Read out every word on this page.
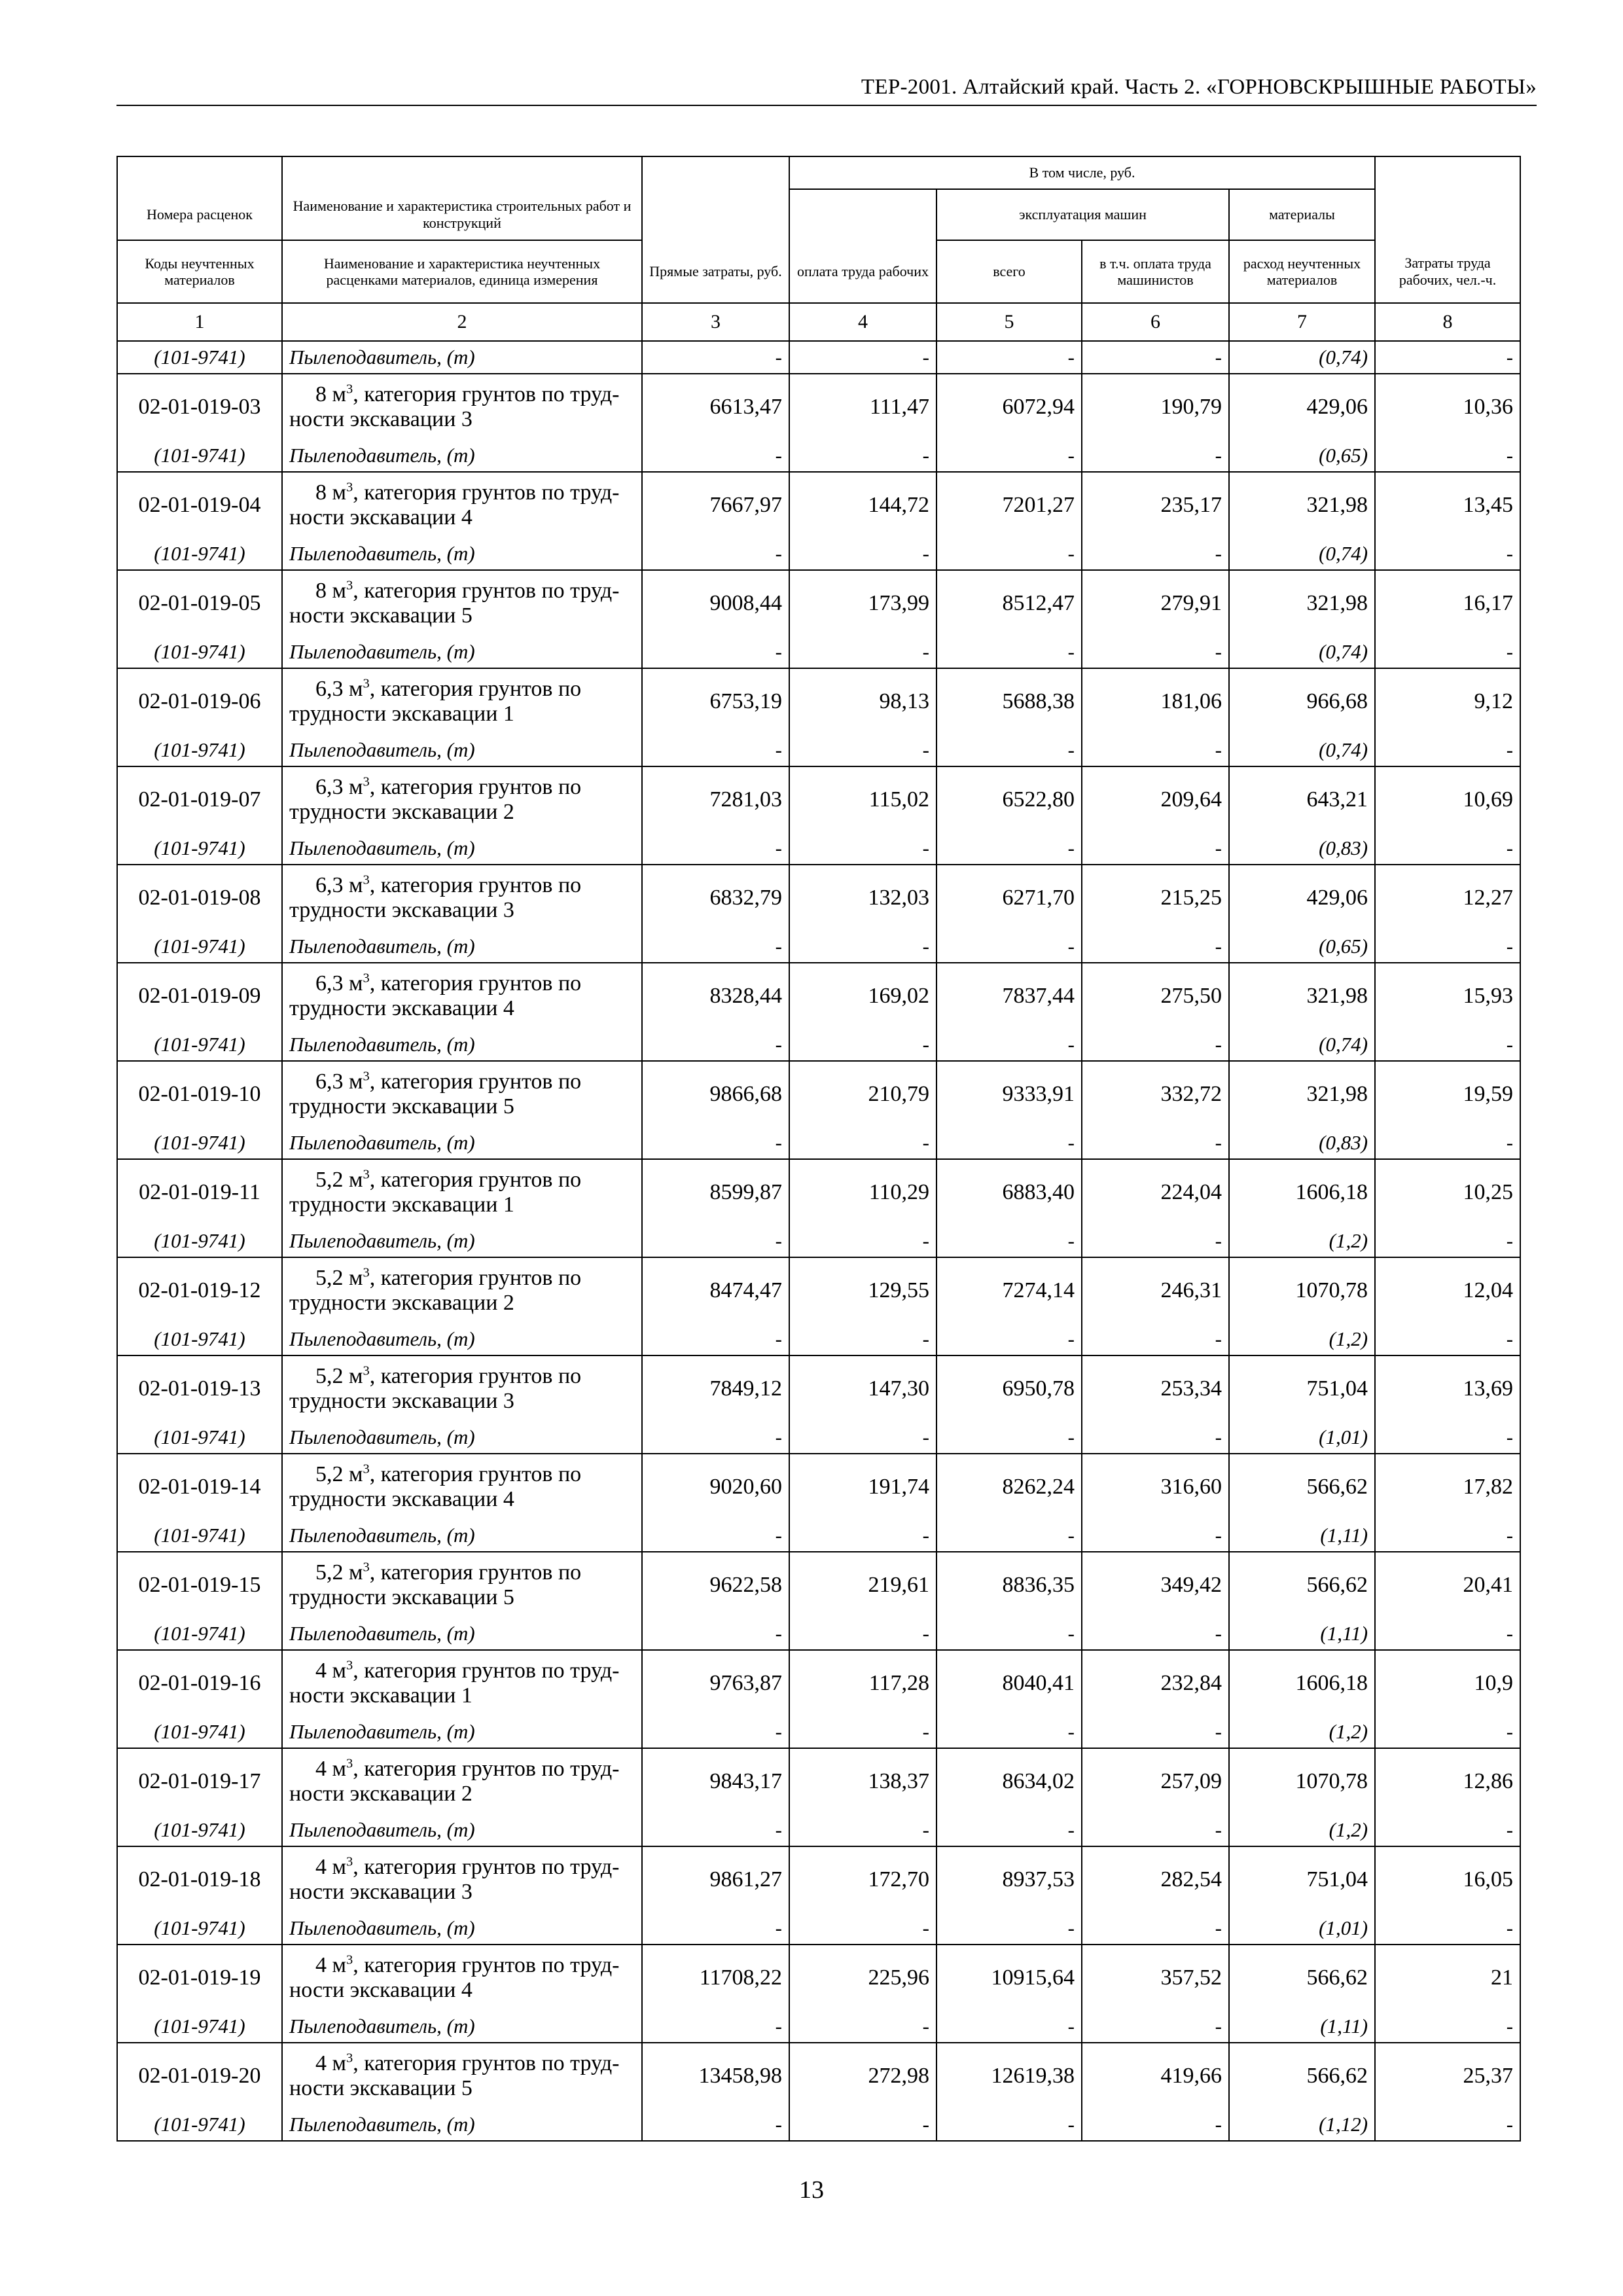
ТЕР-2001. Алтайский край. Часть 2. «ГОРНОВСКРЫШНЫЕ РАБОТЫ»
			В том числе, руб.				
Номера расценок	Наименование и характеристика строительных работ и конструкций			эксплуатация машин		материалы	
Коды неучтенных материалов	Наименование и характеристика неучтенных расценками материалов, единица измерения	Прямые затраты, руб.	оплата труда рабочих	всего	в т.ч. оплата труда машинистов	расход неучтенных материалов	Затраты труда рабочих, чел.-ч.
1	2	3	4	5	6	7	8
(101-9741)	Пылеподавитель, (т)	-	-	-	-	(0,74)	-
02-01-019-03	8 $м^3$, категория грунтов по труд-
ности экскавации 3	6613,47	111,47	6072,94	190,79	429,06	10,36
(101-9741)	Пылеподавитель, (т)	-	-	-	-	(0,65)	-
02-01-019-04	8 $м^3$, категория грунтов по труд-
ности экскавации 4	7667,97	144,72	7201,27	235,17	321,98	13,45
(101-9741)	Пылеподавитель, (т)	-	-	-	-	(0,74)	-
02-01-019-05	8 $м^3$, категория грунтов по труд-
ности экскавации 5	9008,44	173,99	8512,47	279,91	321,98	16,17
(101-9741)	Пылеподавитель, (т)	-	-	-	-	(0,74)	-
02-01-019-06	6,3 $м^3$, категория грунтов по
трудности экскавации 1	6753,19	98,13	5688,38	181,06	966,68	9,12
(101-9741)	Пылеподавитель, (т)	-	-	-	-	(0,74)	-
02-01-019-07	6,3 $м^3$, категория грунтов по
трудности экскавации 2	7281,03	115,02	6522,80	209,64	643,21	10,69
(101-9741)	Пылеподавитель, (т)	-	-	-	-	(0,83)	-
02-01-019-08	6,3 $м^3$, категория грунтов по
трудности экскавации 3	6832,79	132,03	6271,70	215,25	429,06	12,27
(101-9741)	Пылеподавитель, (т)	-	-	-	-	(0,65)	-
02-01-019-09	6,3 $м^3$, категория грунтов по
трудности экскавации 4	8328,44	169,02	7837,44	275,50	321,98	15,93
(101-9741)	Пылеподавитель, (т)	-	-	-	-	(0,74)	-
02-01-019-10	6,3 $м^3$, категория грунтов по
трудности экскавации 5	9866,68	210,79	9333,91	332,72	321,98	19,59
(101-9741)	Пылеподавитель, (т)	-	-	-	-	(0,83)	-
02-01-019-11	5,2 $м^3$, категория грунтов по
трудности экскавации 1	8599,87	110,29	6883,40	224,04	1606,18	10,25
(101-9741)	Пылеподавитель, (т)	-	-	-	-	(1,2)	-
02-01-019-12	5,2 $м^3$, категория грунтов по
трудности экскавации 2	8474,47	129,55	7274,14	246,31	1070,78	12,04
(101-9741)	Пылеподавитель, (т)	-	-	-	-	(1,2)	-
02-01-019-13	5,2 $м^3$, категория грунтов по
трудности экскавации 3	7849,12	147,30	6950,78	253,34	751,04	13,69
(101-9741)	Пылеподавитель, (т)	-	-	-	-	(1,01)	-
02-01-019-14	5,2 $м^3$, категория грунтов по
трудности экскавации 4	9020,60	191,74	8262,24	316,60	566,62	17,82
(101-9741)	Пылеподавитель, (т)	-	-	-	-	(1,11)	-
02-01-019-15	5,2 $м^3$, категория грунтов по
трудности экскавации 5	9622,58	219,61	8836,35	349,42	566,62	20,41
(101-9741)	Пылеподавитель, (т)	-	-	-	-	(1,11)	-
02-01-019-16	4 $м^3$, категория грунтов по труд-
ности экскавации 1	9763,87	117,28	8040,41	232,84	1606,18	10,9
(101-9741)	Пылеподавитель, (т)	-	-	-	-	(1,2)	-
02-01-019-17	4 $м^3$, категория грунтов по труд-
ности экскавации 2	9843,17	138,37	8634,02	257,09	1070,78	12,86
(101-9741)	Пылеподавитель, (т)	-	-	-	-	(1,2)	-
02-01-019-18	4 $м^3$, категория грунтов по труд-
ности экскавации 3	9861,27	172,70	8937,53	282,54	751,04	16,05
(101-9741)	Пылеподавитель, (т)	-	-	-	-	(1,01)	-
02-01-019-19	4 $м^3$, категория грунтов по труд-
ности экскавации 4	11708,22	225,96	10915,64	357,52	566,62	21
(101-9741)	Пылеподавитель, (т)	-	-	-	-	(1,11)	-
02-01-019-20	4 $м^3$, категория грунтов по труд-
ности экскавации 5	13458,98	272,98	12619,38	419,66	566,62	25,37
(101-9741)	Пылеподавитель, (т)	-	-	-	-	(1,12)	-
13
